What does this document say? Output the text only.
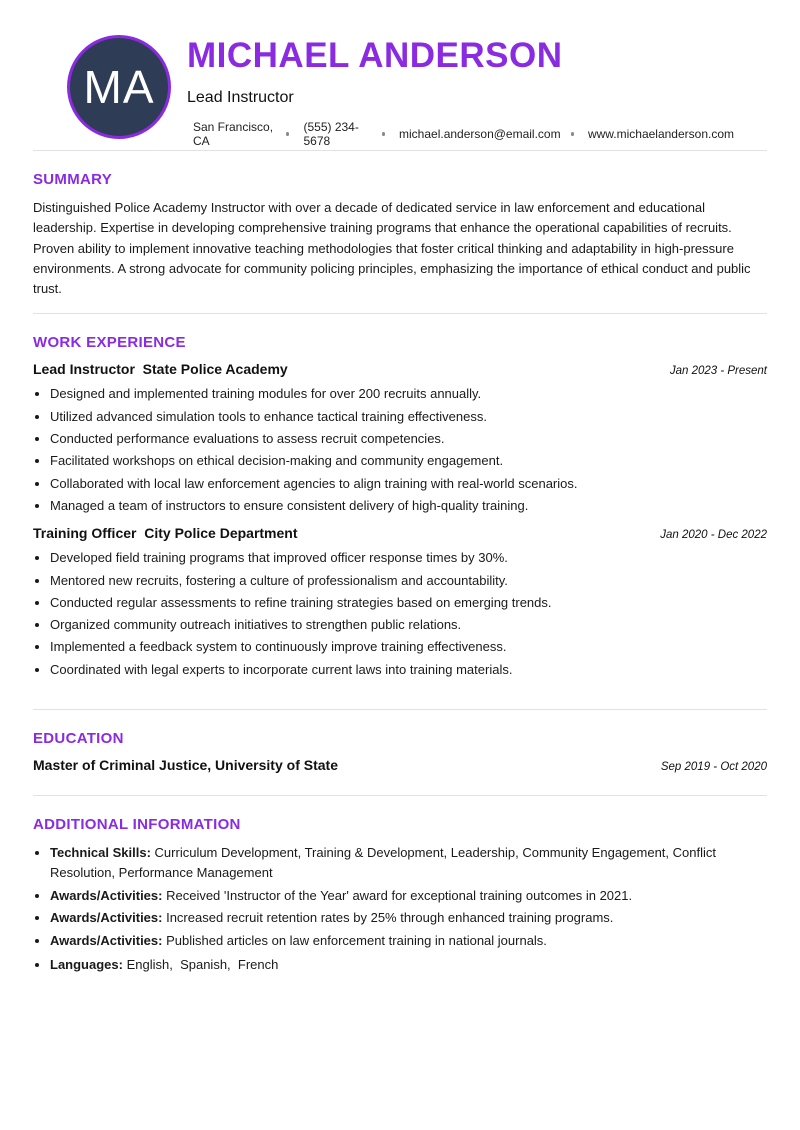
MA
MICHAEL ANDERSON
Lead Instructor
San Francisco, CA
(555) 234-5678	michael.anderson@email.com www.michaelanderson.com
SUMMARY

Distinguished Police Academy Instructor with over a decade of dedicated service in law enforcement and educational leadership. Expertise in developing comprehensive training programs that enhance the operational capabilities of recruits. Proven ability to implement innovative teaching methodologies that foster critical thinking and adaptability in high-pressure environments. A strong advocate for community policing principles, emphasizing the importance of ethical conduct and public trust.

WORK EXPERIENCE
Lead Instructor  State Police Academy	Jan 2023 - Present
• Designed and implemented training modules for over 200 recruits annually.
• Utilized advanced simulation tools to enhance tactical training effectiveness.
• Conducted performance evaluations to assess recruit competencies.
• Facilitated workshops on ethical decision-making and community engagement.
• Collaborated with local law enforcement agencies to align training with real-world scenarios.
• Managed a team of instructors to ensure consistent delivery of high-quality training.
Training Officer  City Police Department	Jan 2020 - Dec 2022
• Developed field training programs that improved officer response times by 30%.
• Mentored new recruits, fostering a culture of professionalism and accountability.
• Conducted regular assessments to refine training strategies based on emerging trends.
• Organized community outreach initiatives to strengthen public relations.
• Implemented a feedback system to continuously improve training effectiveness.
• Coordinated with legal experts to incorporate current laws into training materials.
EDUCATION
Master of Criminal Justice, University of State	Sep 2019 - Oct 2020
ADDITIONAL INFORMATION
• Technical Skills: Curriculum Development, Training & Development, Leadership, Community Engagement, Conflict Resolution, Performance Management
• Awards/Activities: Received 'Instructor of the Year' award for exceptional training outcomes in 2021.
• Awards/Activities: Increased recruit retention rates by 25% through enhanced training programs.
• Awards/Activities: Published articles on law enforcement training in national journals.
• Languages: English,  Spanish,  French
